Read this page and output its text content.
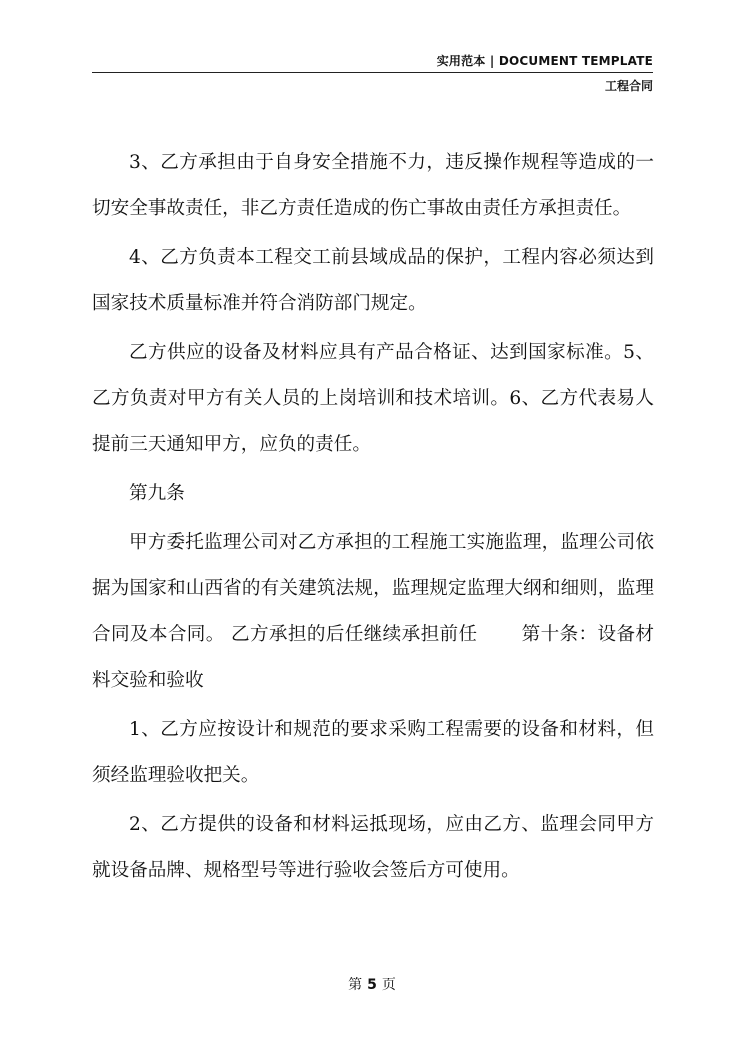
实用范本 | DOCUMENT TEMPLATE
工程合同

3、乙方承担由于自身安全措施不力，违反操作规程等造成的一切安全事故责任，非乙方责任造成的伤亡事故由责任方承担责任。

4、乙方负责本工程交工前县域成品的保护，工程内容必须达到国家技术质量标准并符合消防部门规定。

乙方供应的设备及材料应具有产品合格证、达到国家标准。5、乙方负责对甲方有关人员的上岗培训和技术培训。6、乙方代表易人提前三天通知甲方，应负的责任。

第九条

甲方委托监理公司对乙方承担的工程施工实施监理，监理公司依据为国家和山西省的有关建筑法规，监理规定监理大纲和细则，监理合同及本合同。 乙方承担的后任继续承担前任 　　第十条：设备材料交验和验收

1、乙方应按设计和规范的要求采购工程需要的设备和材料，但须经监理验收把关。

2、乙方提供的设备和材料运抵现场，应由乙方、监理会同甲方就设备品牌、规格型号等进行验收会签后方可使用。

第 5 页
